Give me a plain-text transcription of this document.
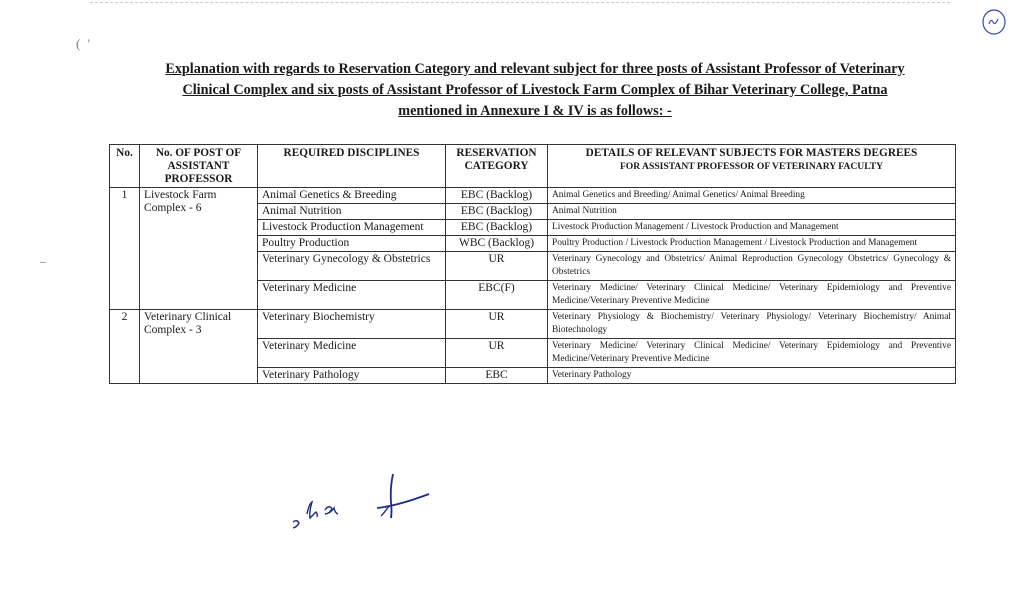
( '
Explanation with regards to Reservation Category and relevant subject for three posts of Assistant Professor of Veterinary
Clinical Complex and six posts of Assistant Professor of Livestock Farm Complex of Bihar Veterinary College, Patna
mentioned in Annexure I & IV is as follows: -
No.	No. OF POST OF ASSISTANT PROFESSOR	REQUIRED DISCIPLINES	RESERVATION CATEGORY	DETAILS OF RELEVANT SUBJECTS FOR MASTERS DEGREES
FOR ASSISTANT PROFESSOR OF VETERINARY FACULTY

1	Livestock Farm Complex - 6	Animal Genetics & Breeding	EBC (Backlog)	Animal Genetics and Breeding/ Animal Genetics/ Animal Breeding
		Animal Nutrition	EBC (Backlog)	Animal Nutrition
		Livestock Production Management	EBC (Backlog)	Livestock Production Management / Livestock Production and Management
		Poultry Production	WBC (Backlog)	Poultry Production / Livestock Production Management / Livestock Production and Management
		Veterinary Gynecology & Obstetrics	UR	Veterinary Gynecology and Obstetrics/ Animal Reproduction Gynecology Obstetrics/ Gynecology & Obstetrics
		Veterinary Medicine	EBC(F)	Veterinary Medicine/ Veterinary Clinical Medicine/ Veterinary Epidemiology and Preventive Medicine/Veterinary Preventive Medicine
2	Veterinary Clinical Complex - 3	Veterinary Biochemistry	UR	Veterinary Physiology & Biochemistry/ Veterinary Physiology/ Veterinary Biochemistry/ Animal Biotechnology
		Veterinary Medicine	UR	Veterinary Medicine/ Veterinary Clinical Medicine/ Veterinary Epidemiology and Preventive Medicine/Veterinary Preventive Medicine
		Veterinary Pathology	EBC	Veterinary Pathology
